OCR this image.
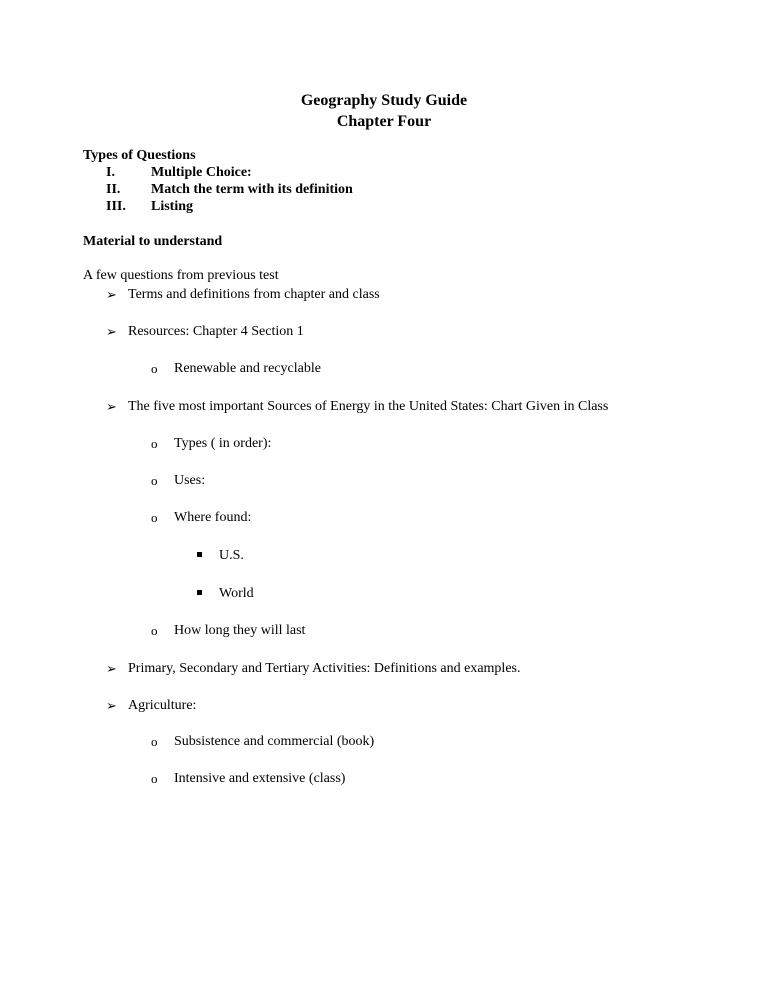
Geography Study Guide
Chapter Four
Types of Questions
I.	Multiple Choice:
II. Match the term with its definition
III. Listing
Material to understand
A few questions from previous test
➢ Terms and definitions from chapter and class
➢ Resources: Chapter 4 Section 1
o Renewable and recyclable
➢ The five most important Sources of Energy in the United States: Chart Given in Class
o Types ( in order):
o Uses:
o Where found:
U.S.
World
o How long they will last
➢ Primary, Secondary and Tertiary Activities: Definitions and examples.
➢ Agriculture:
o Subsistence and commercial (book)
o Intensive and extensive (class)
